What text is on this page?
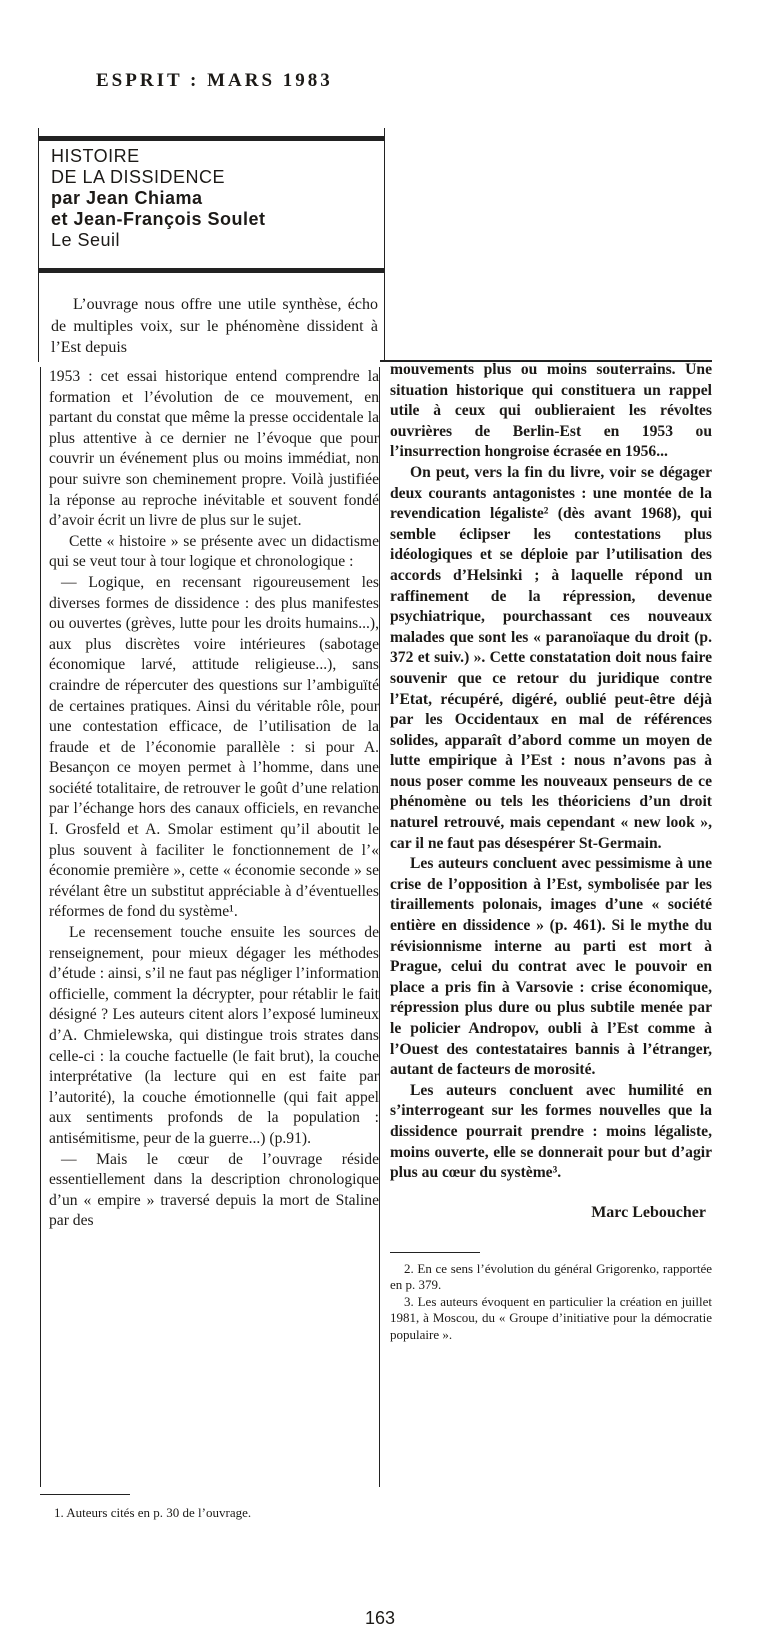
ESPRIT : MARS 1983
HISTOIRE
DE LA DISSIDENCE
par Jean Chiama
et Jean-François Soulet
Le Seuil

L’ouvrage nous offre une utile synthèse, écho de multiples voix, sur le phénomène dissident à l’Est depuis

1953 : cet essai historique entend comprendre la formation et l’évolution de ce mouvement, en partant du constat que même la presse occidentale la plus attentive à ce dernier ne l’évoque que pour couvrir un événement plus ou moins immédiat, non pour suivre son cheminement propre. Voilà justifiée la réponse au reproche inévitable et souvent fondé d’avoir écrit un livre de plus sur le sujet.

Cette « histoire » se présente avec un didactisme qui se veut tour à tour logique et chronologique :

— Logique, en recensant rigoureusement les diverses formes de dissidence : des plus manifestes ou ouvertes (grèves, lutte pour les droits humains...), aux plus discrètes voire intérieures (sabotage économique larvé, attitude religieuse...), sans craindre de répercuter des questions sur l’ambiguïté de certaines pratiques. Ainsi du véritable rôle, pour une contestation efficace, de l’utilisation de la fraude et de l’économie parallèle : si pour A. Besançon ce moyen permet à l’homme, dans une société totalitaire, de retrouver le goût d’une relation par l’échange hors des canaux officiels, en revanche I. Grosfeld et A. Smolar estiment qu’il aboutit le plus souvent à faciliter le fonctionnement de l’« économie première », cette « économie seconde » se révélant être un substitut appréciable à d’éventuelles réformes de fond du système¹.

Le recensement touche ensuite les sources de renseignement, pour mieux dégager les méthodes d’étude : ainsi, s’il ne faut pas négliger l’information officielle, comment la décrypter, pour rétablir le fait désigné ? Les auteurs citent alors l’exposé lumineux d’A. Chmielewska, qui distingue trois strates dans celle-ci : la couche factuelle (le fait brut), la couche interprétative (la lecture qui en est faite par l’autorité), la couche émotionnelle (qui fait appel aux sentiments profonds de la population : antisémitisme, peur de la guerre...) (p.91).

— Mais le cœur de l’ouvrage réside essentiellement dans la description chronologique d’un « empire » traversé depuis la mort de Staline par des

1. Auteurs cités en p. 30 de l’ouvrage.

mouvements plus ou moins souterrains. Une situation historique qui constituera un rappel utile à ceux qui oublieraient les révoltes ouvrières de Berlin-Est en 1953 ou l’insurrection hongroise écrasée en 1956...

On peut, vers la fin du livre, voir se dégager deux courants antagonistes : une montée de la revendication légaliste² (dès avant 1968), qui semble éclipser les contestations plus idéologiques et se déploie par l’utilisation des accords d’Helsinki ; à laquelle répond un raffinement de la répression, devenue psychiatrique, pourchassant ces nouveaux malades que sont les « paranoïaque du droit (p. 372 et suiv.) ». Cette constatation doit nous faire souvenir que ce retour du juridique contre l’Etat, récupéré, digéré, oublié peut-être déjà par les Occidentaux en mal de références solides, apparaît d’abord comme un moyen de lutte empirique à l’Est : nous n’avons pas à nous poser comme les nouveaux penseurs de ce phénomène ou tels les théoriciens d’un droit naturel retrouvé, mais cependant « new look », car il ne faut pas désespérer St-Germain.

Les auteurs concluent avec pessimisme à une crise de l’opposition à l’Est, symbolisée par les tiraillements polonais, images d’une « société entière en dissidence » (p. 461). Si le mythe du révisionnisme interne au parti est mort à Prague, celui du contrat avec le pouvoir en place a pris fin à Varsovie : crise économique, répression plus dure ou plus subtile menée par le policier Andropov, oubli à l’Est comme à l’Ouest des contestataires bannis à l’étranger, autant de facteurs de morosité.

Les auteurs concluent avec humilité en s’interrogeant sur les formes nouvelles que la dissidence pourrait prendre : moins légaliste, moins ouverte, elle se donnerait pour but d’agir plus au cœur du système³.

Marc Leboucher

2. En ce sens l’évolution du général Grigorenko, rapportée en p. 379.

3. Les auteurs évoquent en particulier la création en juillet 1981, à Moscou, du « Groupe d’initiative pour la démocratie populaire ».

163
